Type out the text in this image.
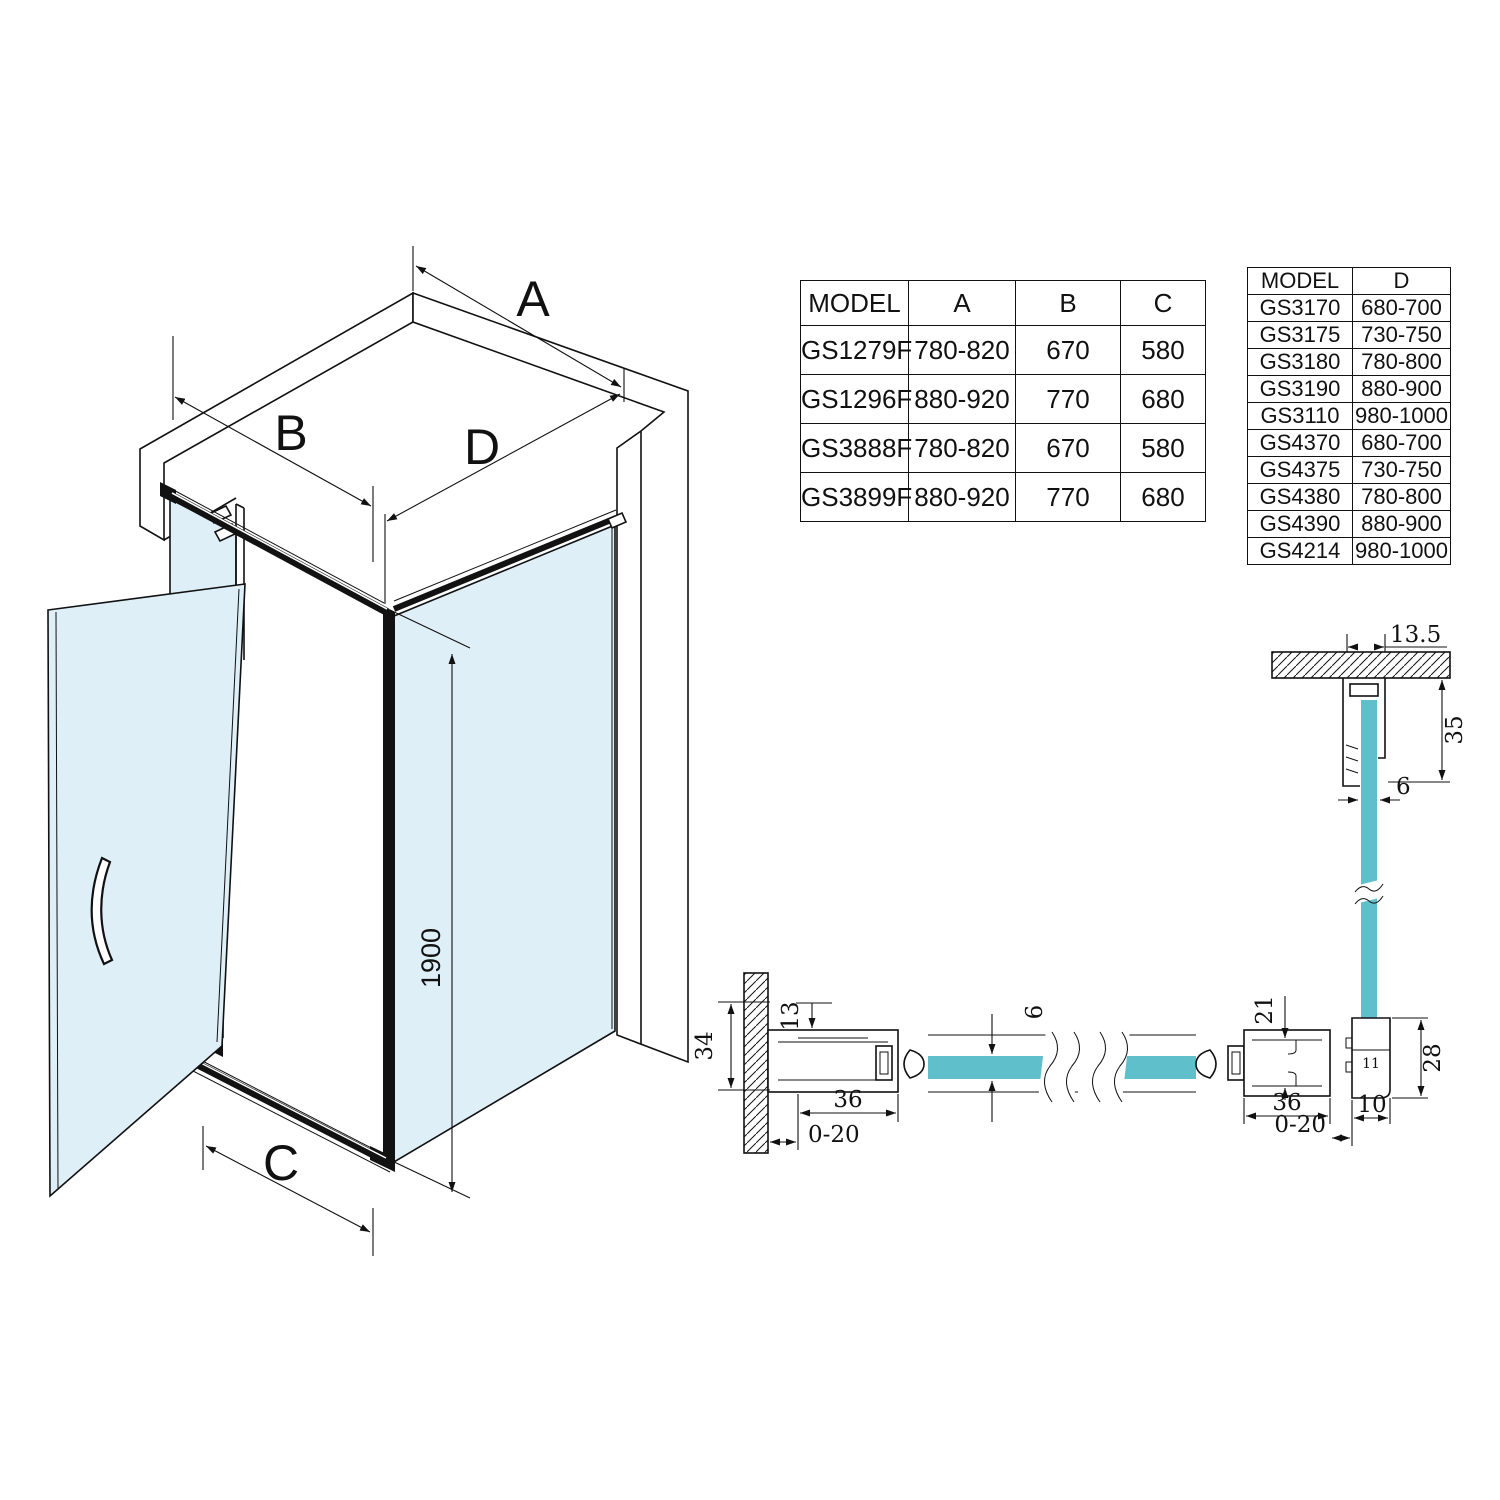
A
B	D
C
1900
13.5
35
6
34
13	6
36
0-20
11
21
36
0-20
10
28
MODEL	A	B	C
GS1279F	780-820	670	580
GS1296F	880-920	770	680
GS3888F	780-820	670	580
GS3899F	880-920	770	680
MODEL	D
GS3170	680-700
GS3175	730-750
GS3180	780-800
GS3190	880-900
GS3110	980-1000
GS4370	680-700
GS4375	730-750
GS4380	780-800
GS4390	880-900
GS4214	980-1000
